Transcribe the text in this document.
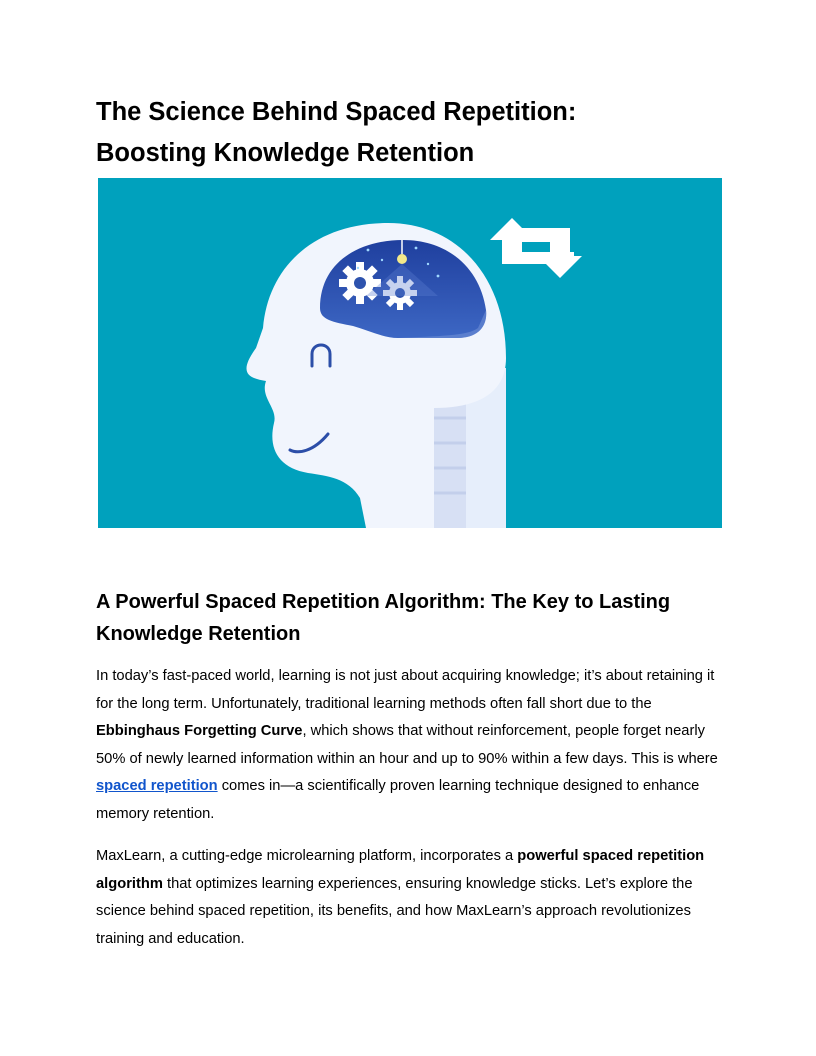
The Science Behind Spaced Repetition:
Boosting Knowledge Retention
A Powerful Spaced Repetition Algorithm: The Key to Lasting Knowledge Retention

In today’s fast-paced world, learning is not just about acquiring knowledge; it’s about retaining it for the long term. Unfortunately, traditional learning methods often fall short due to the Ebbinghaus Forgetting Curve, which shows that without reinforcement, people forget nearly 50% of newly learned information within an hour and up to 90% within a few days. This is where spaced repetition comes in—a scientifically proven learning technique designed to enhance memory retention.

MaxLearn, a cutting-edge microlearning platform, incorporates a powerful spaced repetition algorithm that optimizes learning experiences, ensuring knowledge sticks. Let’s explore the science behind spaced repetition, its benefits, and how MaxLearn’s approach revolutionizes training and education.
